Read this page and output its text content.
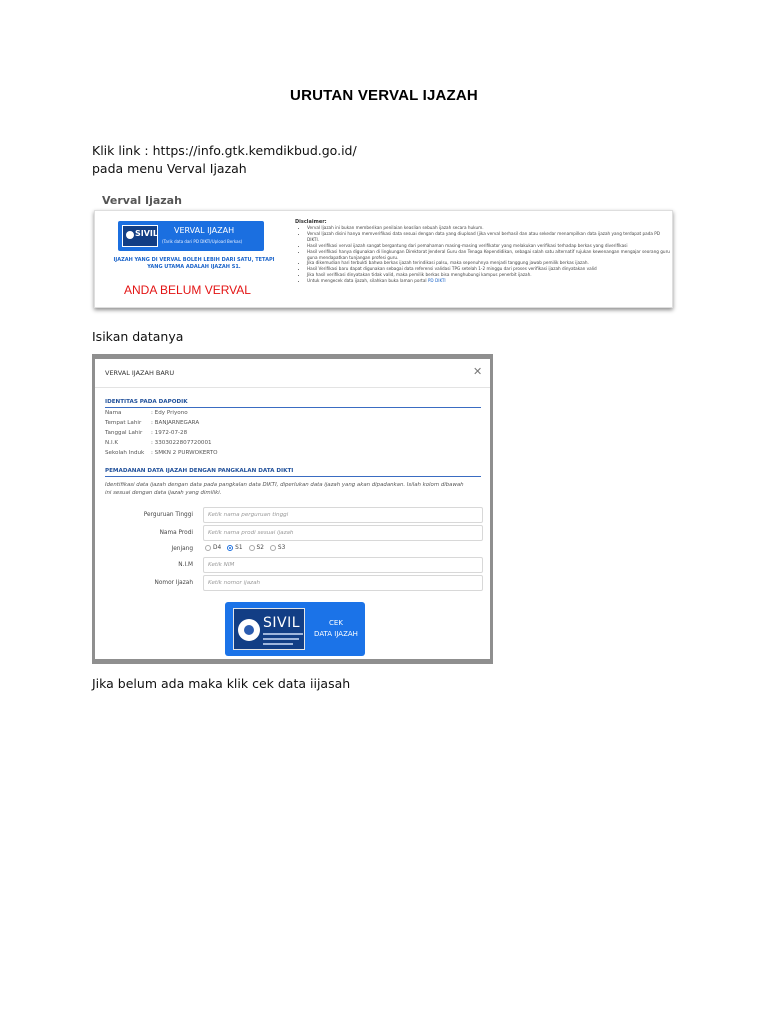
URUTAN VERVAL IJAZAH
Klik link : https://info.gtk.kemdikbud.go.id/
pada menu Verval Ijazah
Verval Ijazah
SIVIL VERVAL IJAZAH
(Tarik data dari PD DIKTI/Upload Berkas)
IJAZAH YANG DI VERVAL BOLEH LEBIH DARI SATU, TETAPI YANG UTAMA ADALAH IJAZAH S1.
ANDA BELUM VERVAL
Disclaimer:
• Verval Ijazah ini bukan memberikan penilaian keaslian sebuah ijazah secara hukum.
• Verval Ijazah disini hanya memverifikasi data sesuai dengan data yang diupload (jika verval berhasil dan atau sekedar menampilkan data ijazah yang terdapat pada PD DIKTI.
• Hasil verifikasi verval ijazah sangat bergantung dari pemahaman masing-masing verifikator yang melakukan verifikasi terhadap berkas yang diverifikasi
• Hasil verifikasi hanya digunakan di lingkungan Direktorat Jenderal Guru dan Tenaga Kependidikan, sebagai salah satu alternatif rujukan kewenangan mengajar seorang guru guna mendapatkan tunjangan profesi guru.
• Jika dikemudian hari terbukti bahwa berkas ijazah terindikasi palsu, maka sepenuhnya menjadi tanggung jawab pemilik berkas ijazah.
• Hasil Verifikasi baru dapat digunakan sebagai data referensi validasi TPG setelah 1-2 minggu dari proses verifikasi ijazah dinyatakan valid
• Jika hasil verifikasi dinyatakan tidak valid, maka pemilik berkas bisa menghubungi kampus penerbit ijazah.
• Untuk mengecek data ijazah, silahkan buka laman portal PD DIKTI
Isikan datanya
VERVAL IJAZAH BARU	✕
IDENTITAS PADA DAPODIK
Nama	: Edy Priyono
Tempat Lahir : BANJARNEGARA
Tanggal Lahir : 1972-07-28
N.I.K	: 3303022807720001
Sekolah Induk : SMKN 2 PURWOKERTO
PEMADANAN DATA IJAZAH DENGAN PANGKALAN DATA DIKTI
Identifikasi data ijazah dengan data pada pangkalan data DIKTI, diperlukan data ijazah yang akan dipadankan. Isilah kolom dibawah ini sesuai dengan data ijazah yang dimiliki.
Perguruan Tinggi	Ketik nama perguruan tinggi
Nama Prodi	Ketik nama prodi sesuai ijazah
Jenjang	D4 S1 S2 S3
N.I.M	Ketik NIM
Nomor Ijazah	Ketik nomor ijazah
SIVIL	CEK
DATA IJAZAH
Jika belum ada maka klik cek data iijasah
